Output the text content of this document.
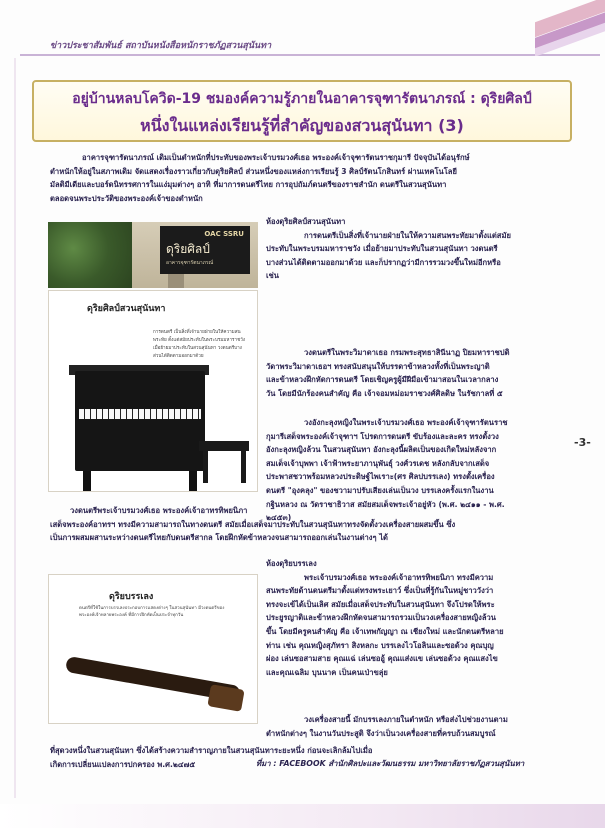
ข่าวประชาสัมพันธ์ สถาบันหนังสือหนักราชภัฏสวนสุนันทา
อยู่บ้านหลบโควิด-19 ชมองค์ความรู้ภายในอาคารจุฑารัตนาภรณ์ : ดุริยศิลป์
หนึ่งในแหล่งเรียนรู้ที่สำคัญของสวนสุนันทา (3)
อาคารจุฑารัตนาภรณ์ เดิมเป็นตำหนักที่ประทับของพระเจ้าบรมวงศ์เธอ พระองค์เจ้าจุฑารัตนราชกุมารี ปัจจุบันได้อนุรักษ์
ตำหนักให้อยู่ในสภาพเดิม จัดแสดงเรื่องราวเกี่ยวกับดุริยศิลป์ ส่วนหนึ่งของแหล่งการเรียนรู้ 3 ศิลป์รัตนโกสินทร์ ผ่านเทคโนโลยี
มัลติมีเดียและบอร์ดนิทรรศการในแง่มุมต่างๆ อาทิ ที่มาการดนตรีไทย การอุปถัมภ์ดนตรีของราชสำนัก ดนตรีในสวนสุนันทา
ตลอดจนพระประวัติของพระองค์เจ้าของตำหนัก
OAC SSRU
ดุริยศิลป์
อาคารจุฑารัตนาภรณ์
ดุริยศิลป์สวนสุนันทา
การดนตรี เป็นสิ่งที่เจ้านายฝ่ายในให้ความสนพระทัย ตั้งแต่สมัยประทับในพระบรมมหาราชวัง เมื่อย้ายมาประทับในสวนสุนันทา วงดนตรีบางส่วนได้ติดตามออกมาด้วย
ห้องดุริยศิลป์สวนสุนันทา
การดนตรีเป็นสิ่งที่เจ้านายฝ่ายในให้ความสนพระทัยมาตั้งแต่สมัย
ประทับในพระบรมมหาราชวัง เมื่อย้ายมาประทับในสวนสุนันทา วงดนตรี
บางส่วนได้ติดตามออกมาด้วย และก็ปรากฏว่ามีการรวมวงขึ้นใหม่อีกหรือ
เช่น
วงดนตรีในพระวิมาดาเธอ กรมพระสุทธาสินีนาฏ ปิยมหาราชปดิ
วัดาพระวิมาดาเธอฯ ทรงสนับสนุนให้บรรดาข้าหลวงทั้งที่เป็นพระญาติ
และข้าหลวงฝึกหัดการดนตรี โดยเชิญครูผู้มีฝีมือเข้ามาสอนในเวลากลาง
วัน โดยมีนักร้องคนสำคัญ คือ เจ้าจอมหม่อมราชวงศ์ศิลดิษ ในรัชกาลที่ ๕
วงอังกะลุงหญิงในพระเจ้าบรมวงศ์เธอ พระองค์เจ้าจุฑารัตนราช
กุมารีเสด็จพระองค์เจ้าจุฑาฯ โปรดการดนตรี ขับร้องและละคร ทรงตั้งวง
อังกะลุงหญิงล้วน ในสวนสุนันทา อังกะลุงนี้ผลิตเป็นของเกิดใหม่หลังจาก
สมเด็จเจ้าบุพพา เจ้าฟ้าพระยาภานุพันธุ์ วงศ์วรเดช หลังกลับจากเสด็จ
ประพาสชวาพร้อมหลวงประดิษฐ์ไพเราะ(ศร ศิลปบรรเลง) ทรงตั้งเครื่อง
ดนตรี "อุงคลุง" ของชวามาปรับเสียงเล่นเป็นวง บรรเลงครั้งแรกในงาน
กฐินหลวง ณ วัดราชาธิวาส สมัยสมเด็จพระเจ้าอยู่หัว (พ.ศ. ๒๔๑๑ - พ.ศ.
๒๔๕๓)
-3-
วงดนตรีพระเจ้าบรมวงศ์เธอ พระองค์เจ้าอาทรทิพยนิภา
เสด็จพระองค์อาทรฯ ทรงมีความสามารถในทางดนตรี สมัยเมื่อเสด็จมาประทับในสวนสุนันทาทรงจัดตั้งวงเครื่องสายผสมขึ้น ซึ่ง
เป็นการผสมผสานระหว่างดนตรีไทยกับดนตรีสากล โดยฝึกหัดข้าหลวงจนสามารถออกเล่นในงานต่างๆ ได้
ดุริยบรรเลง
ดนตรีที่ใช้ในการบรรเลงประกอบการแสดงต่างๆ ในสวนสุนันทา มีวงดนตรีของพระองค์เจ้าหลายพระองค์ ที่มีการฝึกหัดเป็นประจำทุกวัน
ห้องดุริยบรรเลง
พระเจ้าบรมวงศ์เธอ พระองค์เจ้าอาทรทิพยนิภา ทรงมีความ
สนพระทัยด้านดนตรีมาตั้งแต่ทรงพระเยาว์ ซึ่งเป็นที่รู้กันในหมู่ชาววังว่า
ทรงจะเข้ได้เป็นเลิศ สมัยเมื่อเสด็จประทับในสวนสุนันทา จึงโปรดให้พระ
ประยูรญาติและข้าหลวงฝึกหัดจนสามารถรวมเป็นวงเครื่องสายหญิงล้วน
ขึ้น โดยมีครูคนสำคัญ คือ เจ้าเทพกัญญา ณ เชียงใหม่ และนักดนตรีหลาย
ท่าน เช่น คุณหญิงสุภัทรา สิงหลกะ บรรเลงไวโอลินและซอด้วง คุณบุญ
ผ่อง เล่นซอสามสาย คุณแฉ่ เล่นซออู้ คุณแส่งแข เล่นซอด้วง คุณแสงไข
และคุณเฉลิม บุนนาค เป็นคนเป่าขลุ่ย
วงเครื่องสายนี้ มักบรรเลงภายในตำหนัก หรือส่งไปช่วยงานตาม
ตำหนักต่างๆ ในงานวันประสูติ จึงว่าเป็นวงเครื่องสายที่ครบถ้วนสมบูรณ์
ที่สุดวงหนึ่งในสวนสุนันทา ซึ่งได้สร้างความสำราญภายในสวนสุนันทาระยะหนึ่ง ก่อนจะเลิกล้มไปเมื่อ
เกิดการเปลี่ยนแปลงการปกครอง พ.ศ.๒๔๗๕	ที่มา : FACEBOOK สำนักศิลปะและวัฒนธรรม มหาวิทยาลัยราชภัฏสวนสุนันทา
